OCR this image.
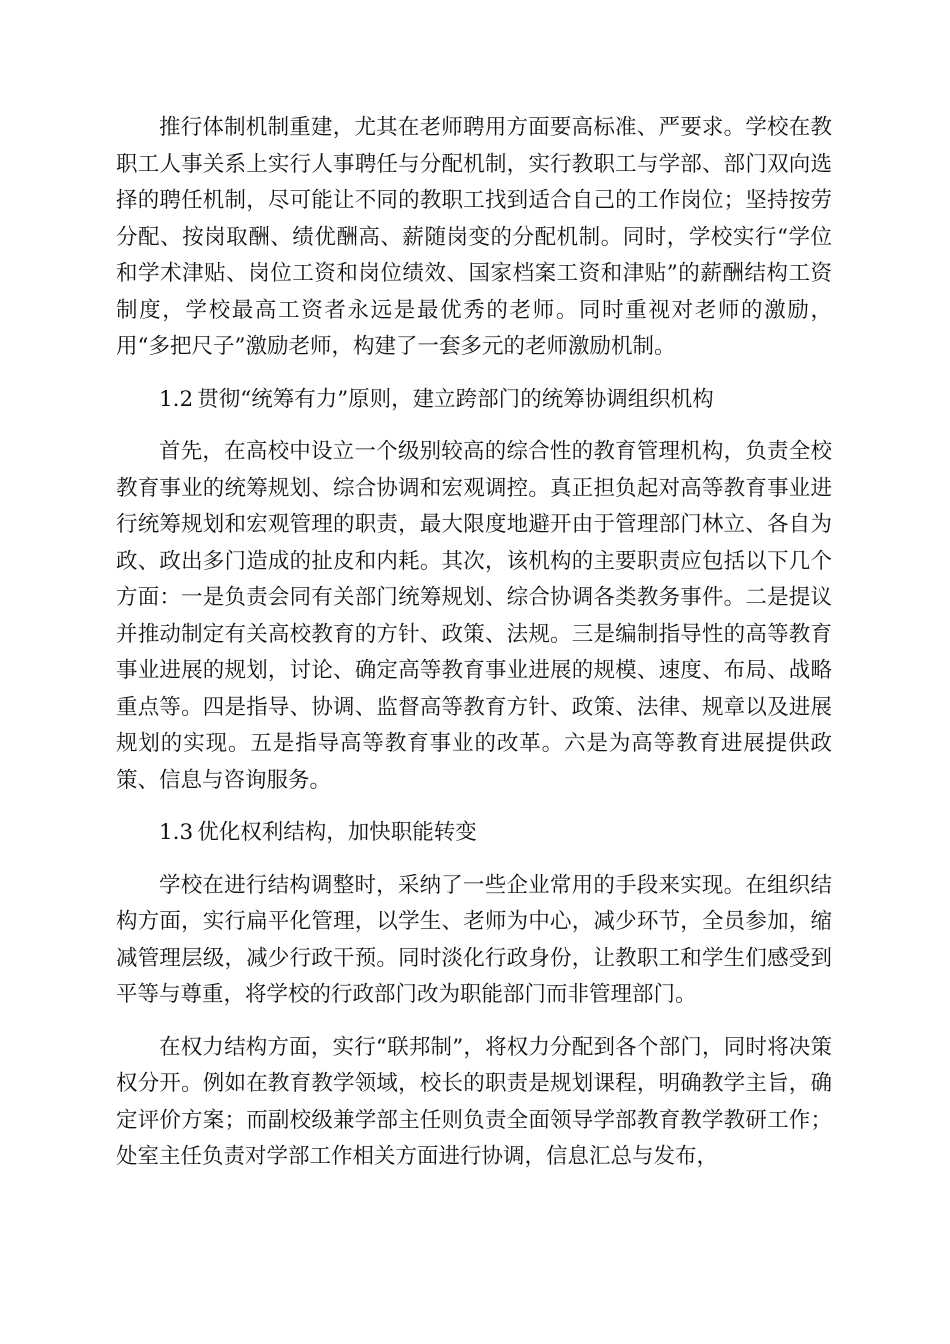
推行体制机制重建，尤其在老师聘用方面要高标准、严要求。学校在教职工人事关系上实行人事聘任与分配机制，实行教职工与学部、部门双向选择的聘任机制，尽可能让不同的教职工找到适合自己的工作岗位；坚持按劳分配、按岗取酬、绩优酬高、薪随岗变的分配机制。同时，学校实行“学位和学术津贴、岗位工资和岗位绩效、国家档案工资和津贴”的薪酬结构工资制度，学校最高工资者永远是最优秀的老师。同时重视对老师的激励，用“多把尺子”激励老师，构建了一套多元的老师激励机制。

1.2 贯彻“统筹有力”原则，建立跨部门的统筹协调组织机构

首先，在高校中设立一个级别较高的综合性的教育管理机构，负责全校教育事业的统筹规划、综合协调和宏观调控。真正担负起对高等教育事业进行统筹规划和宏观管理的职责，最大限度地避开由于管理部门林立、各自为政、政出多门造成的扯皮和内耗。其次，该机构的主要职责应包括以下几个方面：一是负责会同有关部门统筹规划、综合协调各类教务事件。二是提议并推动制定有关高校教育的方针、政策、法规。三是编制指导性的高等教育事业进展的规划，讨论、确定高等教育事业进展的规模、速度、布局、战略重点等。四是指导、协调、监督高等教育方针、政策、法律、规章以及进展规划的实现。五是指导高等教育事业的改革。六是为高等教育进展提供政策、信息与咨询服务。

1.3 优化权利结构，加快职能转变

学校在进行结构调整时，采纳了一些企业常用的手段来实现。在组织结构方面，实行扁平化管理，以学生、老师为中心，减少环节，全员参加，缩减管理层级，减少行政干预。同时淡化行政身份，让教职工和学生们感受到平等与尊重，将学校的行政部门改为职能部门而非管理部门。

在权力结构方面，实行“联邦制”，将权力分配到各个部门，同时将决策权分开。例如在教育教学领域，校长的职责是规划课程，明确教学主旨，确定评价方案；而副校级兼学部主任则负责全面领导学部教育教学教研工作；处室主任负责对学部工作相关方面进行协调，信息汇总与发布，
